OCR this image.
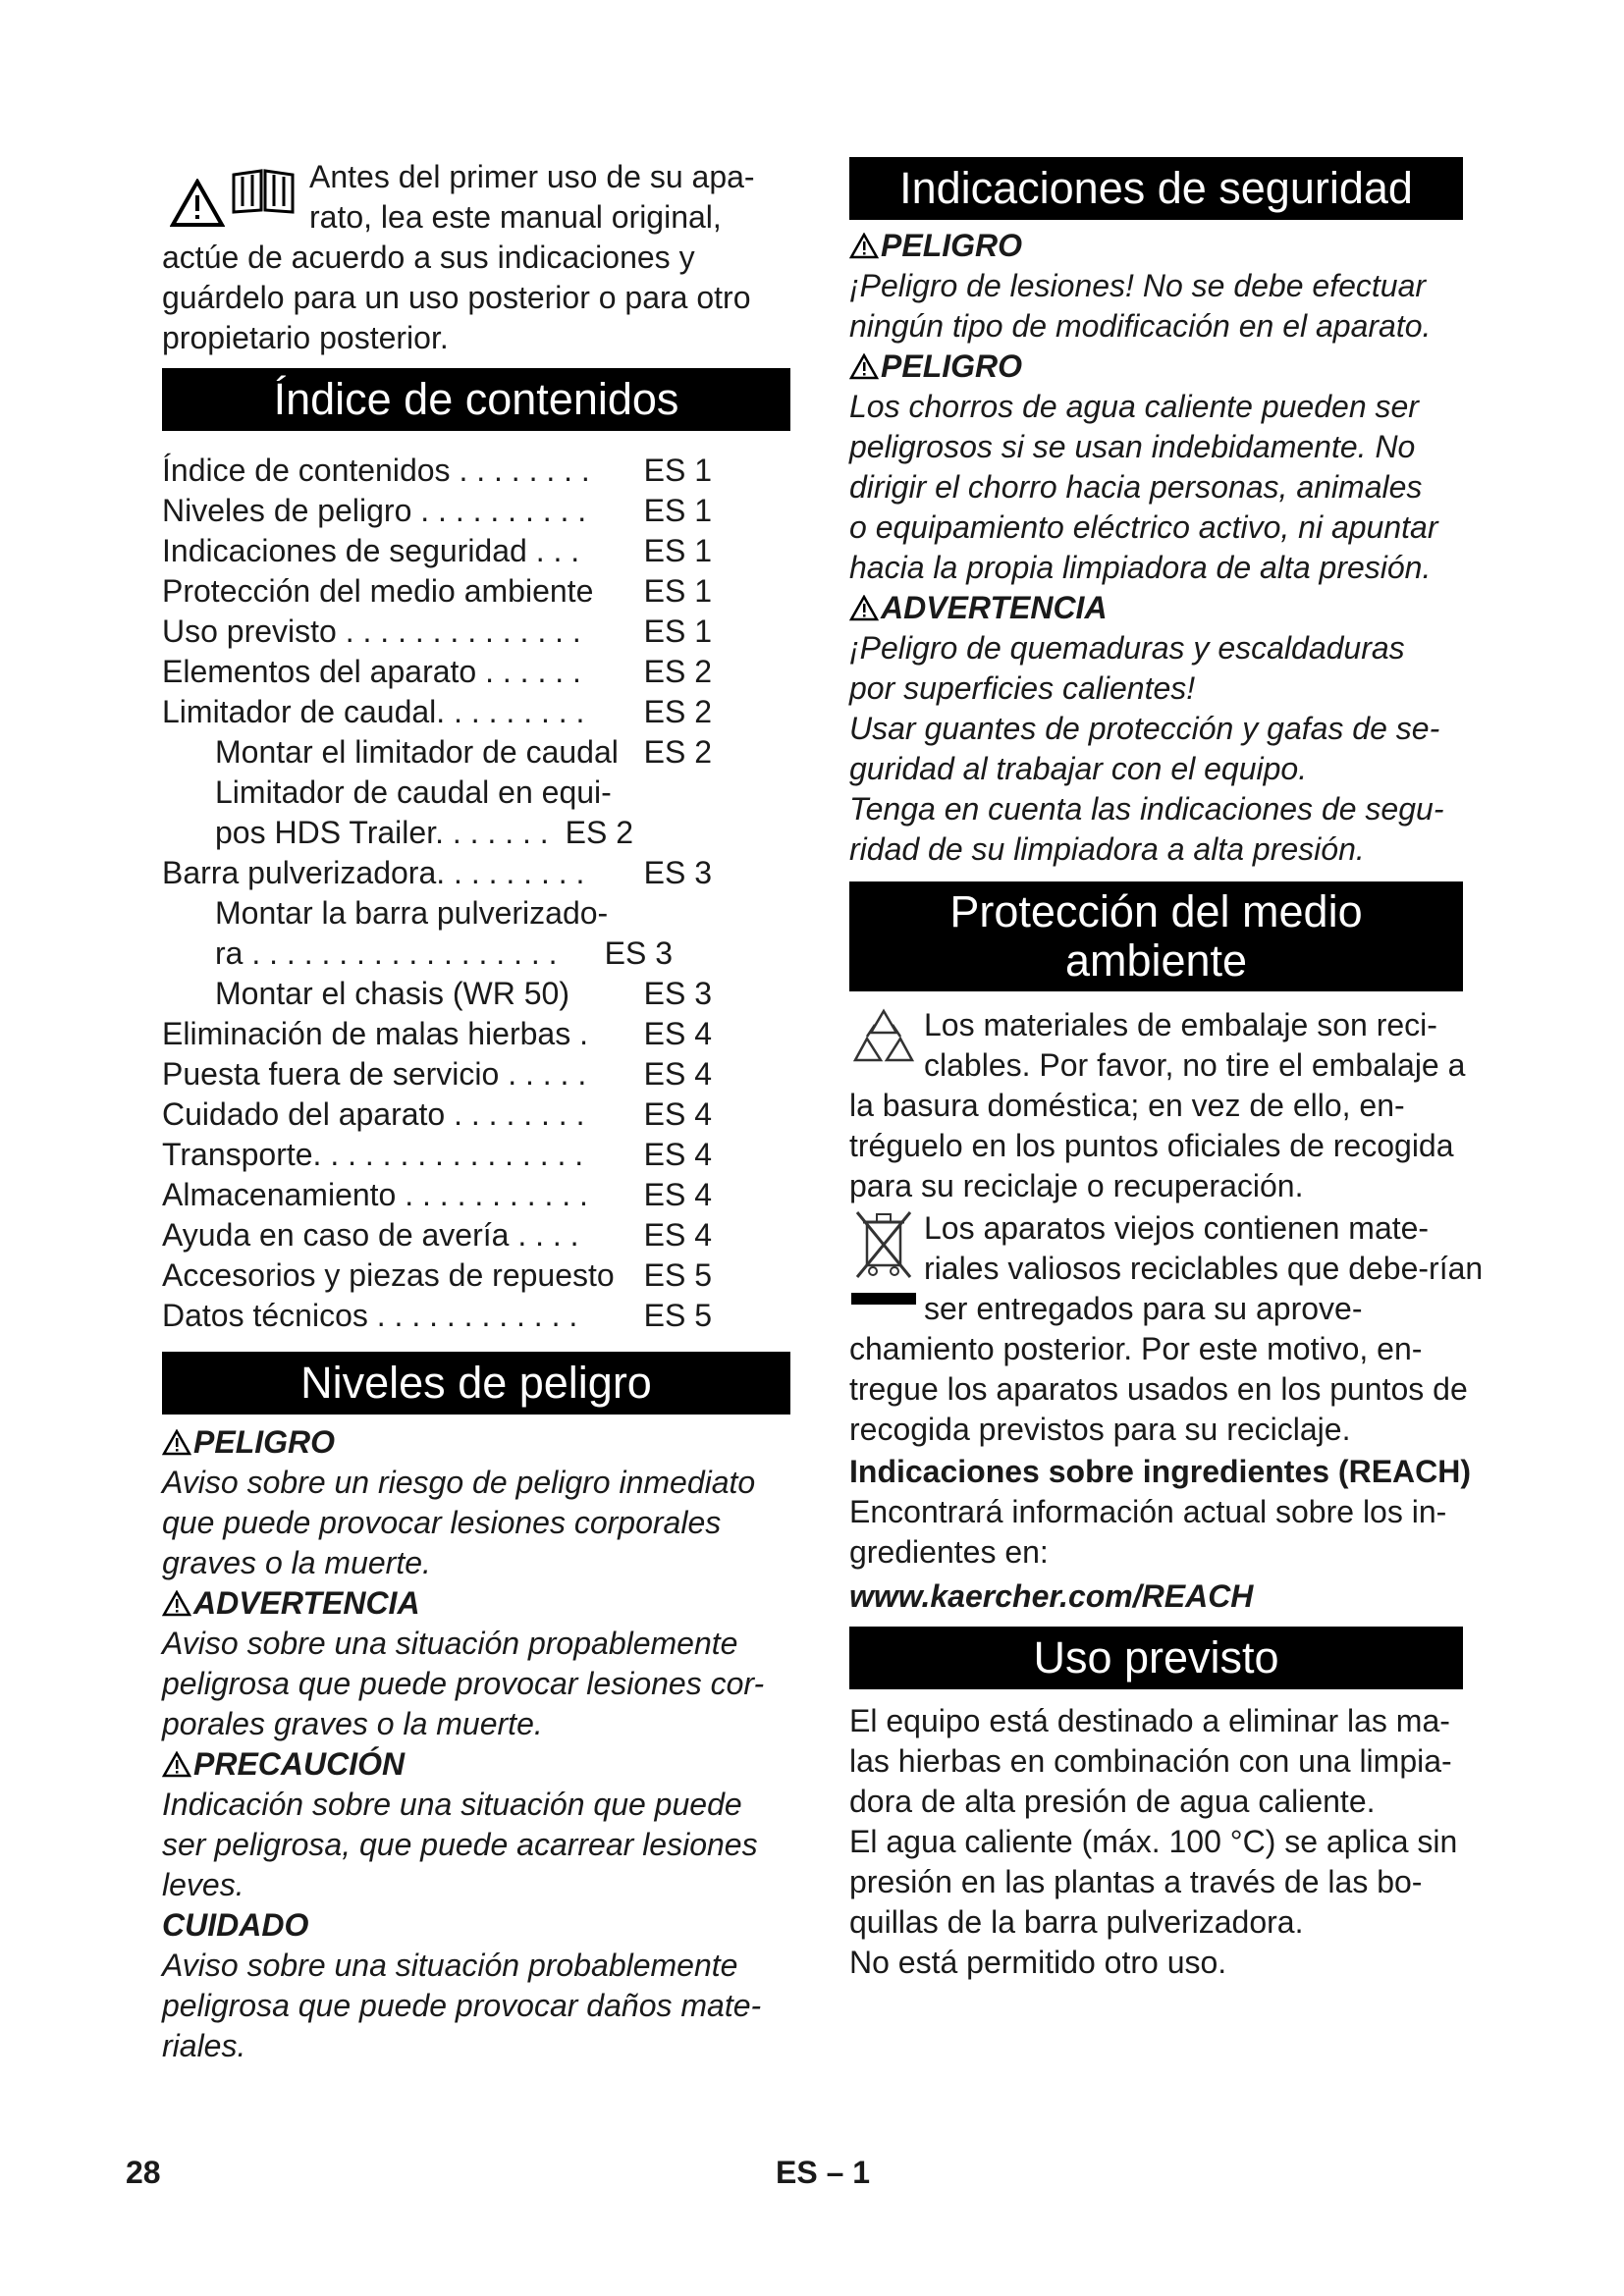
Antes del primer uso de su apa-

rato, lea este manual original,

actúe de acuerdo a sus indicaciones y guárdelo para un uso posterior o para otro propietario posterior.

Índice de contenidos
Índice de contenidos . . . . . . . . ES 1
Niveles de peligro . . . . . . . . . . ES 1
Indicaciones de seguridad . . . ES 1
Protección del medio ambiente ES 1
Uso previsto . . . . . . . . . . . . . . ES 1
Elementos del aparato . . . . . . ES 2
Limitador de caudal. . . . . . . . . ES 2
Montar el limitador de caudal ES 2
Limitador de caudal en equi-
pos HDS Trailer. . . . . . . ES 2
Barra pulverizadora. . . . . . . . . ES 3
Montar la barra pulverizado-
ra . . . . . . . . . . . . . . . . . . ES 3
Montar el chasis (WR 50) ES 3
Eliminación de malas hierbas . ES 4
Puesta fuera de servicio . . . . . ES 4
Cuidado del aparato . . . . . . . . ES 4
Transporte. . . . . . . . . . . . . . . . ES 4
Almacenamiento . . . . . . . . . . . ES 4
Ayuda en caso de avería . . . . ES 4
Accesorios y piezas de repuesto ES 5
Datos técnicos . . . . . . . . . . . . ES 5
Niveles de peligro
PELIGRO

Aviso sobre un riesgo de peligro inmediato que puede provocar lesiones corporales graves o la muerte.

ADVERTENCIA

Aviso sobre una situación propablemente peligrosa que puede provocar lesiones cor-porales graves o la muerte.

PRECAUCIÓN

Indicación sobre una situación que puede ser peligrosa, que puede acarrear lesiones leves.

CUIDADO

Aviso sobre una situación probablemente peligrosa que puede provocar daños mate-riales.

Indicaciones de seguridad
PELIGRO

¡Peligro de lesiones! No se debe efectuar ningún tipo de modificación en el aparato.

PELIGRO

Los chorros de agua caliente pueden ser peligrosos si se usan indebidamente. No dirigir el chorro hacia personas, animales o equipamiento eléctrico activo, ni apuntar hacia la propia limpiadora de alta presión.

ADVERTENCIA

¡Peligro de quemaduras y escaldaduras por superficies calientes!

Usar guantes de protección y gafas de se-guridad al trabajar con el equipo.

Tenga en cuenta las indicaciones de segu-ridad de su limpiadora a alta presión.

Protección del medio
ambiente

Los materiales de embalaje son reci-clables. Por favor, no tire el embalaje a la basura doméstica; en vez de ello, en-tréguelo en los puntos oficiales de recogida para su reciclaje o recuperación.

Los aparatos viejos contienen mate-riales valiosos reciclables que debe-rían ser entregados para su aprove-chamiento posterior. Por este motivo, en-tregue los aparatos usados en los puntos de recogida previstos para su reciclaje.

Indicaciones sobre ingredientes (REACH)

Encontrará información actual sobre los in-gredientes en:

www.kaercher.com/REACH

Uso previsto

El equipo está destinado a eliminar las ma-las hierbas en combinación con una limpia-dora de alta presión de agua caliente.

El agua caliente (máx. 100 °C) se aplica sin presión en las plantas a través de las bo-quillas de la barra pulverizadora.

No está permitido otro uso.

28	ES – 1
